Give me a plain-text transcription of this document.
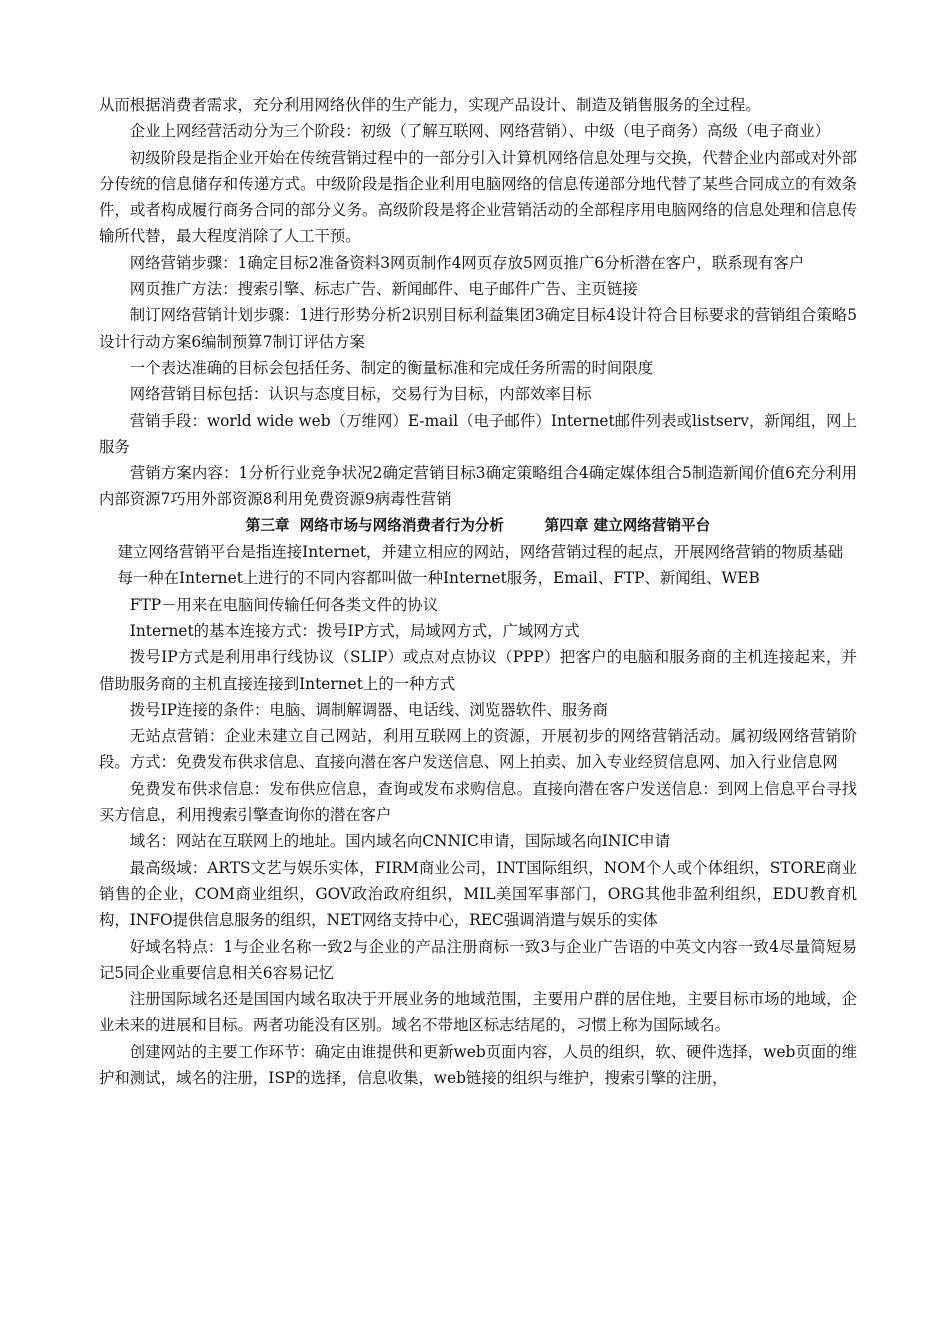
从而根据消费者需求，充分利用网络伙伴的生产能力，实现产品设计、制造及销售服务的全过程。

企业上网经营活动分为三个阶段：初级（了解互联网、网络营销）、中级（电子商务）高级（电子商业）

初级阶段是指企业开始在传统营销过程中的一部分引入计算机网络信息处理与交换，代替企业内部或对外部分传统的信息储存和传递方式。中级阶段是指企业利用电脑网络的信息传递部分地代替了某些合同成立的有效条件，或者构成履行商务合同的部分义务。高级阶段是将企业营销活动的全部程序用电脑网络的信息处理和信息传输所代替，最大程度消除了人工干预。

网络营销步骤：1确定目标2准备资料3网页制作4网页存放5网页推广6分析潜在客户，联系现有客户

网页推广方法：搜索引擎、标志广告、新闻邮件、电子邮件广告、主页链接

制订网络营销计划步骤：1进行形势分析2识别目标利益集团3确定目标4设计符合目标要求的营销组合策略5设计行动方案6编制预算7制订评估方案

一个表达准确的目标会包括任务、制定的衡量标准和完成任务所需的时间限度

网络营销目标包括：认识与态度目标，交易行为目标，内部效率目标

营销手段：world wide web（万维网）E-mail（电子邮件）Internet邮件列表或listserv，新闻组，网上服务

营销方案内容：1分析行业竞争状况2确定营销目标3确定策略组合4确定媒体组合5制造新闻价值6充分利用内部资源7巧用外部资源8利用免费资源9病毒性营销

第三章  网络市场与网络消费者行为分析        第四章 建立网络营销平台

建立网络营销平台是指连接Internet，并建立相应的网站，网络营销过程的起点，开展网络营销的物质基础

每一种在Internet上进行的不同内容都叫做一种Internet服务，Email、FTP、新闻组、WEB

FTP－用来在电脑间传输任何各类文件的协议

Internet的基本连接方式：拨号IP方式，局域网方式，广域网方式

拨号IP方式是利用串行线协议（SLIP）或点对点协议（PPP）把客户的电脑和服务商的主机连接起来，并借助服务商的主机直接连接到Internet上的一种方式

拨号IP连接的条件：电脑、调制解调器、电话线、浏览器软件、服务商

无站点营销：企业未建立自己网站，利用互联网上的资源，开展初步的网络营销活动。属初级网络营销阶段。方式：免费发布供求信息、直接向潜在客户发送信息、网上拍卖、加入专业经贸信息网、加入行业信息网

免费发布供求信息：发布供应信息，查询或发布求购信息。直接向潜在客户发送信息：到网上信息平台寻找买方信息，利用搜索引擎查询你的潜在客户

域名：网站在互联网上的地址。国内域名向CNNIC申请，国际域名向INIC申请

最高级域：ARTS文艺与娱乐实体，FIRM商业公司，INT国际组织，NOM个人或个体组织，STORE商业销售的企业，COM商业组织，GOV政治政府组织，MIL美国军事部门，ORG其他非盈利组织，EDU教育机构，INFO提供信息服务的组织，NET网络支持中心，REC强调消遣与娱乐的实体

好域名特点：1与企业名称一致2与企业的产品注册商标一致3与企业广告语的中英文内容一致4尽量简短易记5同企业重要信息相关6容易记忆

注册国际域名还是国国内域名取决于开展业务的地域范围，主要用户群的居住地，主要目标市场的地域，企业未来的进展和目标。两者功能没有区别。域名不带地区标志结尾的，习惯上称为国际域名。

创建网站的主要工作环节：确定由谁提供和更新web页面内容，人员的组织，软、硬件选择，web页面的维护和测试，域名的注册，ISP的选择，信息收集，web链接的组织与维护，搜索引擎的注册，
